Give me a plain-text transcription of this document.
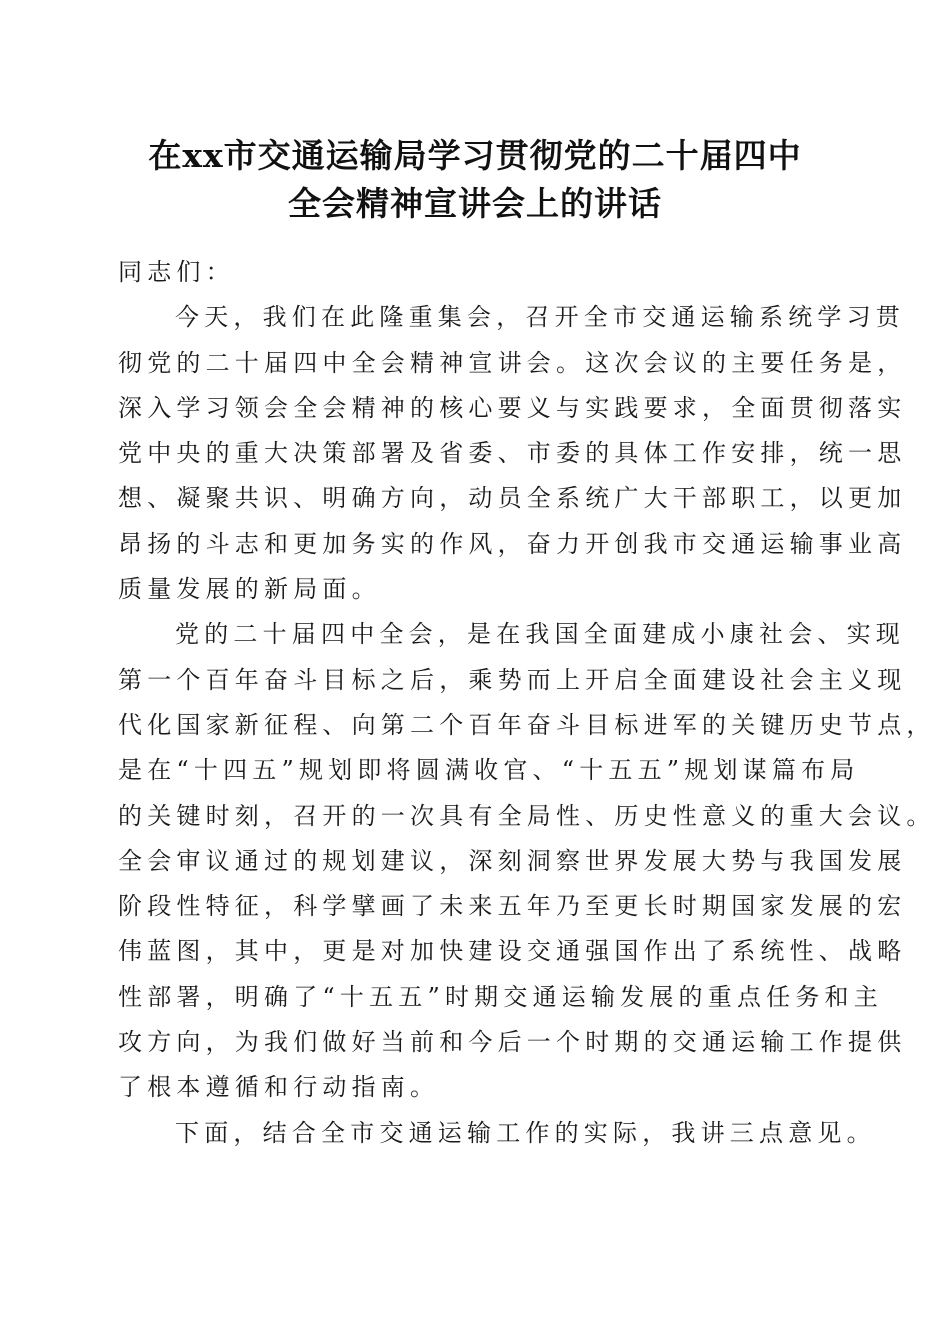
在xx市交通运输局学习贯彻党的二十届四中
全会精神宣讲会上的讲话

同志们：

今天，我们在此隆重集会，召开全市交通运输系统学习贯
彻党的二十届四中全会精神宣讲会。这次会议的主要任务是，
深入学习领会全会精神的核心要义与实践要求，全面贯彻落实
党中央的重大决策部署及省委、市委的具体工作安排，统一思
想、凝聚共识、明确方向，动员全系统广大干部职工，以更加
昂扬的斗志和更加务实的作风，奋力开创我市交通运输事业高
质量发展的新局面。

党的二十届四中全会，是在我国全面建成小康社会、实现
第一个百年奋斗目标之后，乘势而上开启全面建设社会主义现
代化国家新征程、向第二个百年奋斗目标进军的关键历史节点，
是在“十四五”规划即将圆满收官、“十五五”规划谋篇布局
的关键时刻，召开的一次具有全局性、历史性意义的重大会议。
全会审议通过的规划建议，深刻洞察世界发展大势与我国发展
阶段性特征，科学擘画了未来五年乃至更长时期国家发展的宏
伟蓝图，其中，更是对加快建设交通强国作出了系统性、战略
性部署，明确了“十五五”时期交通运输发展的重点任务和主
攻方向，为我们做好当前和今后一个时期的交通运输工作提供
了根本遵循和行动指南。

下面，结合全市交通运输工作的实际，我讲三点意见。
